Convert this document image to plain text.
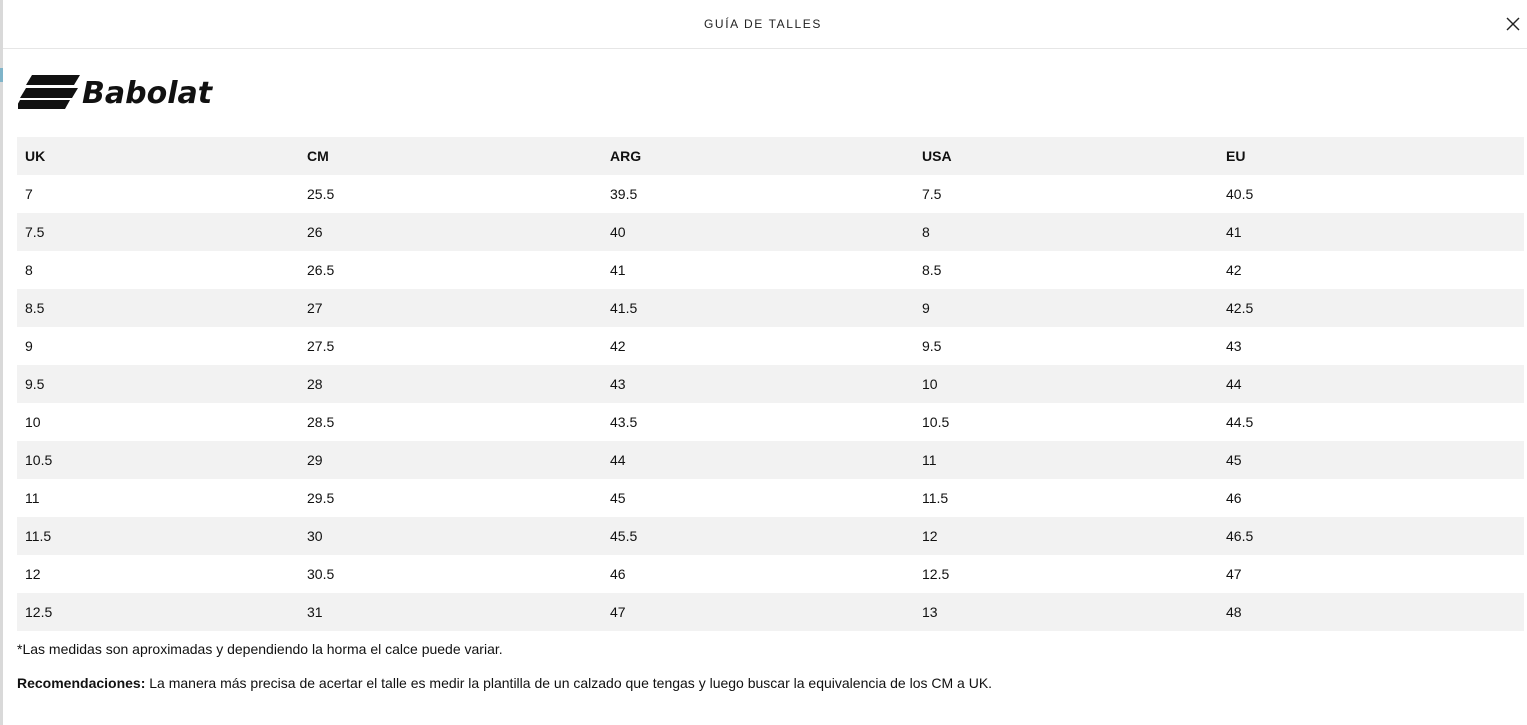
GUÍA DE TALLES
Babolat
UK	CM	ARG	USA	EU
7	25.5	39.5	7.5	40.5
7.5	26	40	8	41
8	26.5	41	8.5	42
8.5	27	41.5	9	42.5
9	27.5	42	9.5	43
9.5	28	43	10	44
10	28.5	43.5	10.5	44.5
10.5	29	44	11	45
11	29.5	45	11.5	46
11.5	30	45.5	12	46.5
12	30.5	46	12.5	47
12.5	31	47	13	48

*Las medidas son aproximadas y dependiendo la horma el calce puede variar.

Recomendaciones: La manera más precisa de acertar el talle es medir la plantilla de un calzado que tengas y luego buscar la equivalencia de los CM a UK.
